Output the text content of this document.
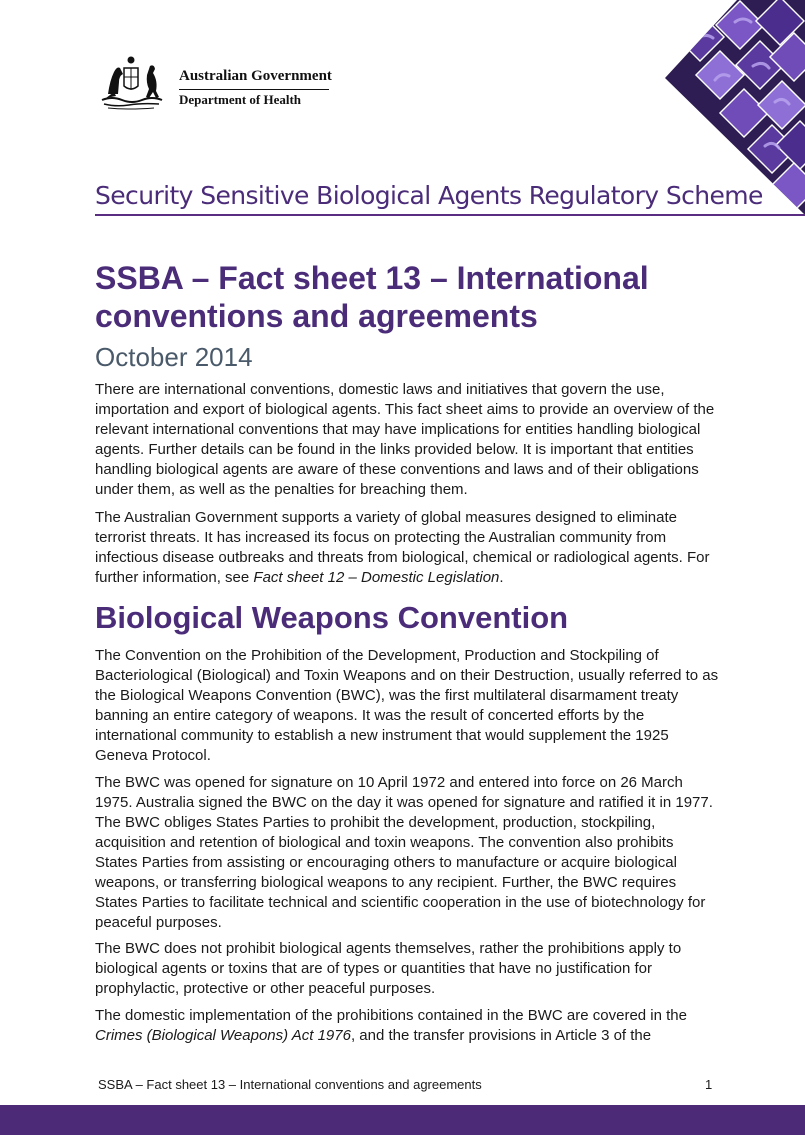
Australian Government
Department of Health
Security Sensitive Biological Agents Regulatory Scheme
SSBA – Fact sheet 13 – International conventions and agreements
October 2014

There are international conventions, domestic laws and initiatives that govern the use, importation and export of biological agents. This fact sheet aims to provide an overview of the relevant international conventions that may have implications for entities handling biological agents. Further details can be found in the links provided below. It is important that entities handling biological agents are aware of these conventions and laws and of their obligations under them, as well as the penalties for breaching them.

The Australian Government supports a variety of global measures designed to eliminate terrorist threats. It has increased its focus on protecting the Australian community from infectious disease outbreaks and threats from biological, chemical or radiological agents. For further information, see Fact sheet 12 – Domestic Legislation.

Biological Weapons Convention

The Convention on the Prohibition of the Development, Production and Stockpiling of Bacteriological (Biological) and Toxin Weapons and on their Destruction, usually referred to as the Biological Weapons Convention (BWC), was the first multilateral disarmament treaty banning an entire category of weapons. It was the result of concerted efforts by the international community to establish a new instrument that would supplement the 1925 Geneva Protocol.

The BWC was opened for signature on 10 April 1972 and entered into force on 26 March 1975. Australia signed the BWC on the day it was opened for signature and ratified it in 1977. The BWC obliges States Parties to prohibit the development, production, stockpiling, acquisition and retention of biological and toxin weapons. The convention also prohibits States Parties from assisting or encouraging others to manufacture or acquire biological weapons, or transferring biological weapons to any recipient. Further, the BWC requires States Parties to facilitate technical and scientific cooperation in the use of biotechnology for peaceful purposes.

The BWC does not prohibit biological agents themselves, rather the prohibitions apply to biological agents or toxins that are of types or quantities that have no justification for prophylactic, protective or other peaceful purposes.

The domestic implementation of the prohibitions contained in the BWC are covered in the Crimes (Biological Weapons) Act 1976, and the transfer provisions in Article 3 of the

SSBA – Fact sheet 13 – International conventions and agreements	1
